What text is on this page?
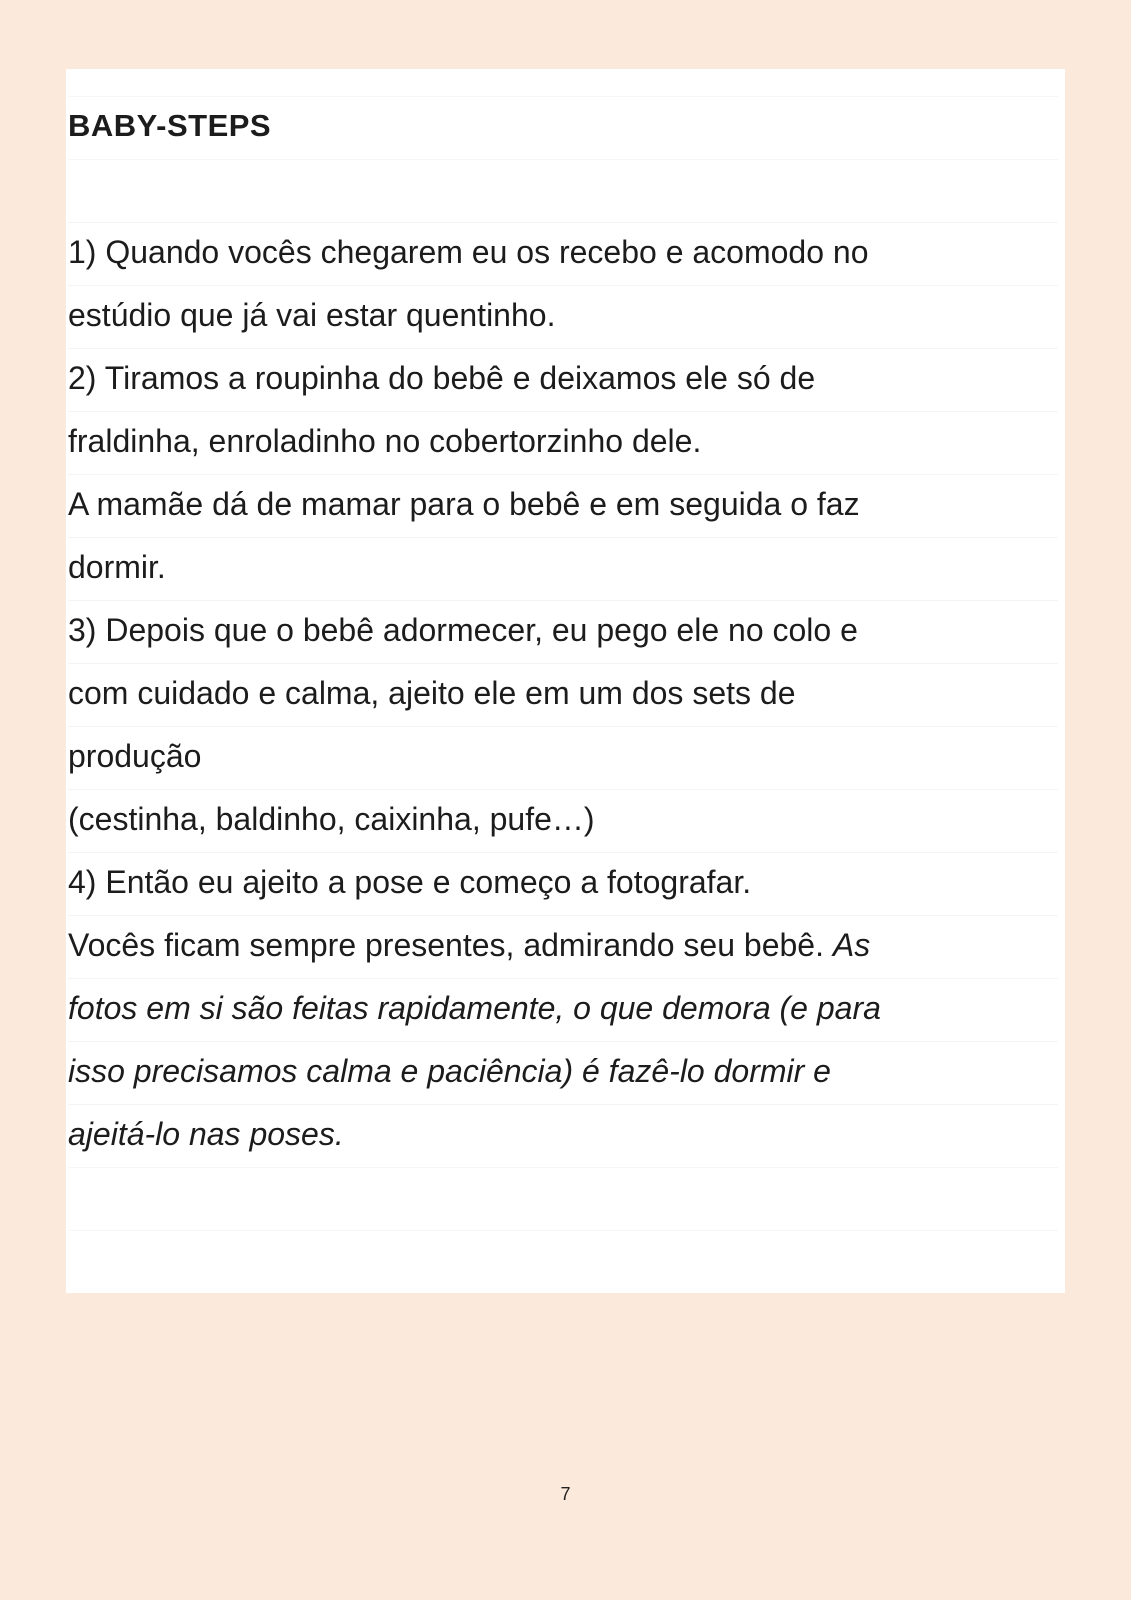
BABY-STEPS
1) Quando vocês chegarem eu os recebo e acomodo no
estúdio que já vai estar quentinho.
2) Tiramos a roupinha do bebê e deixamos ele só de
fraldinha, enroladinho no cobertorzinho dele.
A mamãe dá de mamar para o bebê e em seguida o faz
dormir.
3) Depois que o bebê adormecer, eu pego ele no colo e
com cuidado e calma, ajeito ele em um dos sets de
produção
(cestinha, baldinho, caixinha, pufe…)
4) Então eu ajeito a pose e começo a fotografar.
Vocês ficam sempre presentes, admirando seu bebê. As
fotos em si são feitas rapidamente, o que demora (e para
isso precisamos calma e paciência) é fazê-lo dormir e
ajeitá-lo nas poses.
7
